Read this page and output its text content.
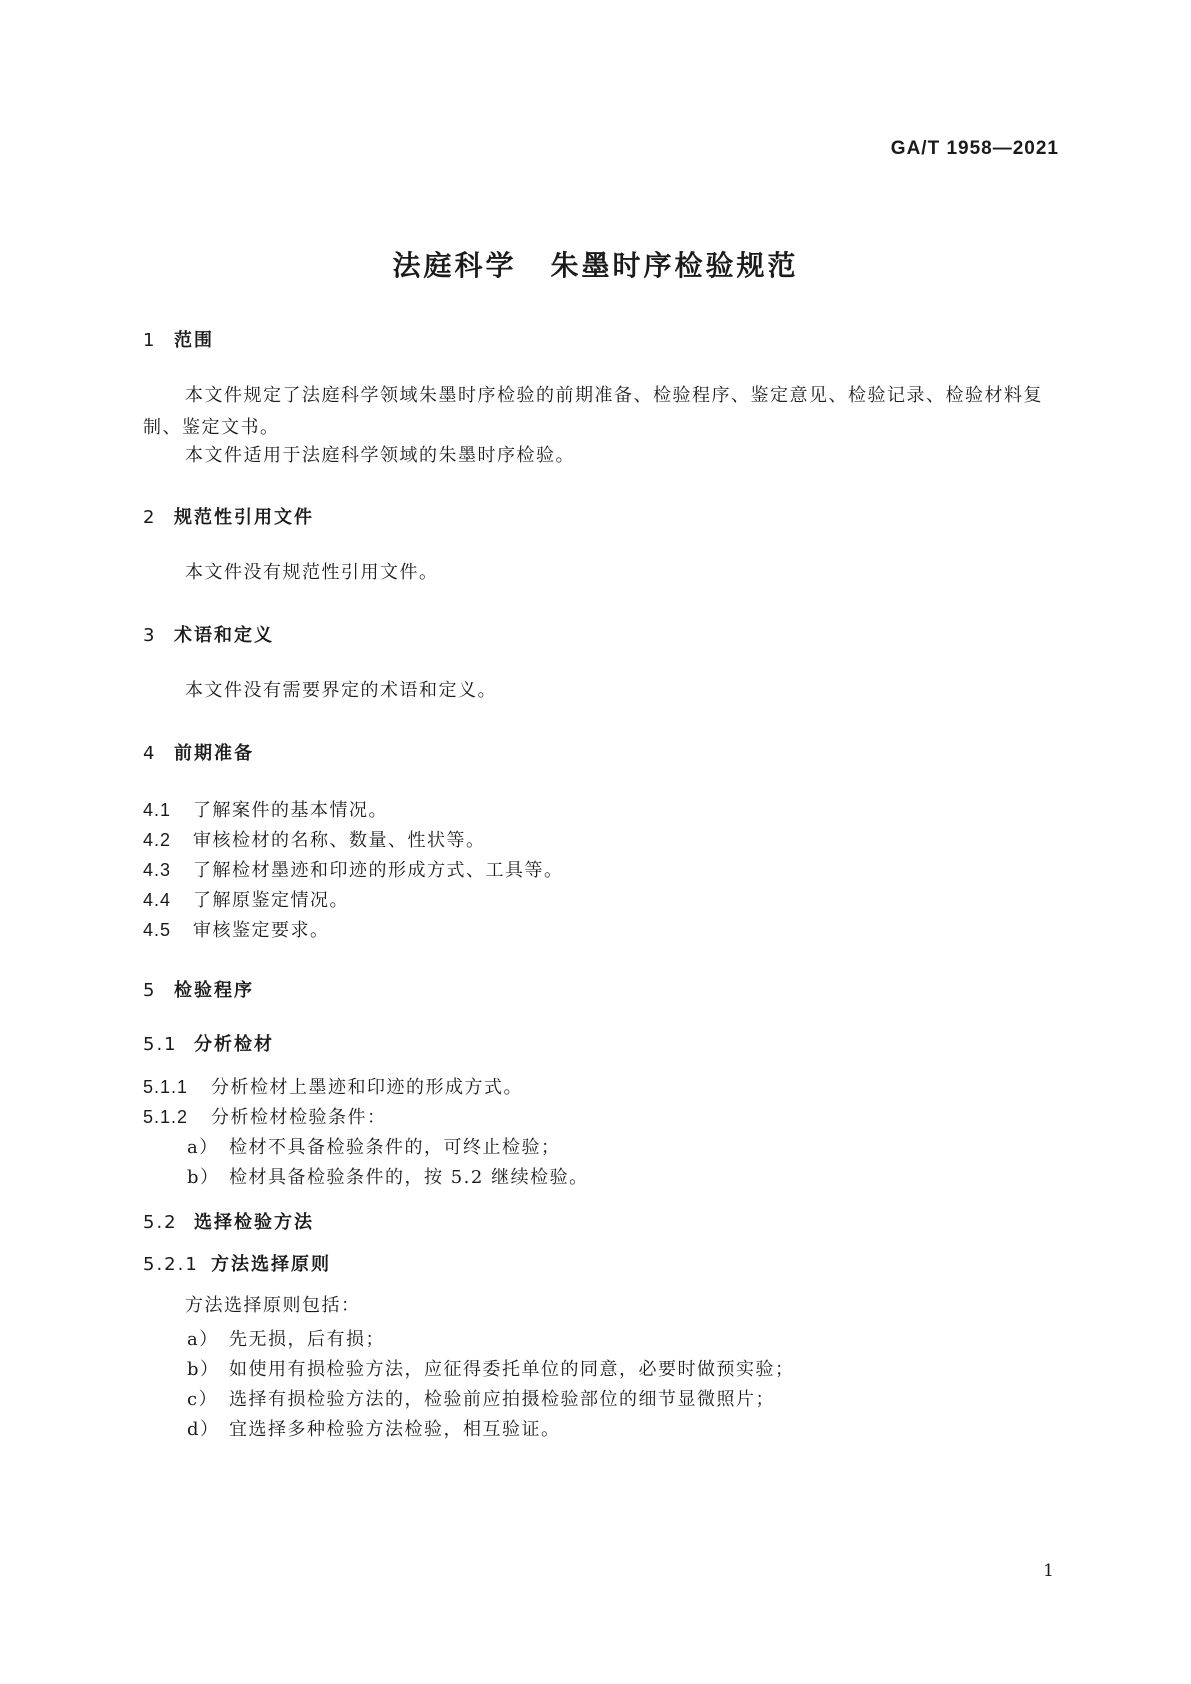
GA/T 1958—2021
法庭科学 朱墨时序检验规范
1 范围
本文件规定了法庭科学领域朱墨时序检验的前期准备、检验程序、鉴定意见、检验记录、检验材料复制、鉴定文书。
本文件适用于法庭科学领域的朱墨时序检验。
2 规范性引用文件
本文件没有规范性引用文件。
3 术语和定义
本文件没有需要界定的术语和定义。
4 前期准备
4.1 了解案件的基本情况。
4.2 审核检材的名称、数量、性状等。
4.3 了解检材墨迹和印迹的形成方式、工具等。
4.4 了解原鉴定情况。
4.5 审核鉴定要求。
5 检验程序
5.1 分析检材
5.1.1 分析检材上墨迹和印迹的形成方式。
5.1.2 分析检材检验条件：
a） 检材不具备检验条件的，可终止检验；
b） 检材具备检验条件的，按 5.2 继续检验。
5.2 选择检验方法
5.2.1 方法选择原则
方法选择原则包括：
a） 先无损，后有损；
b） 如使用有损检验方法，应征得委托单位的同意，必要时做预实验；
c） 选择有损检验方法的，检验前应拍摄检验部位的细节显微照片；
d） 宜选择多种检验方法检验，相互验证。
1
